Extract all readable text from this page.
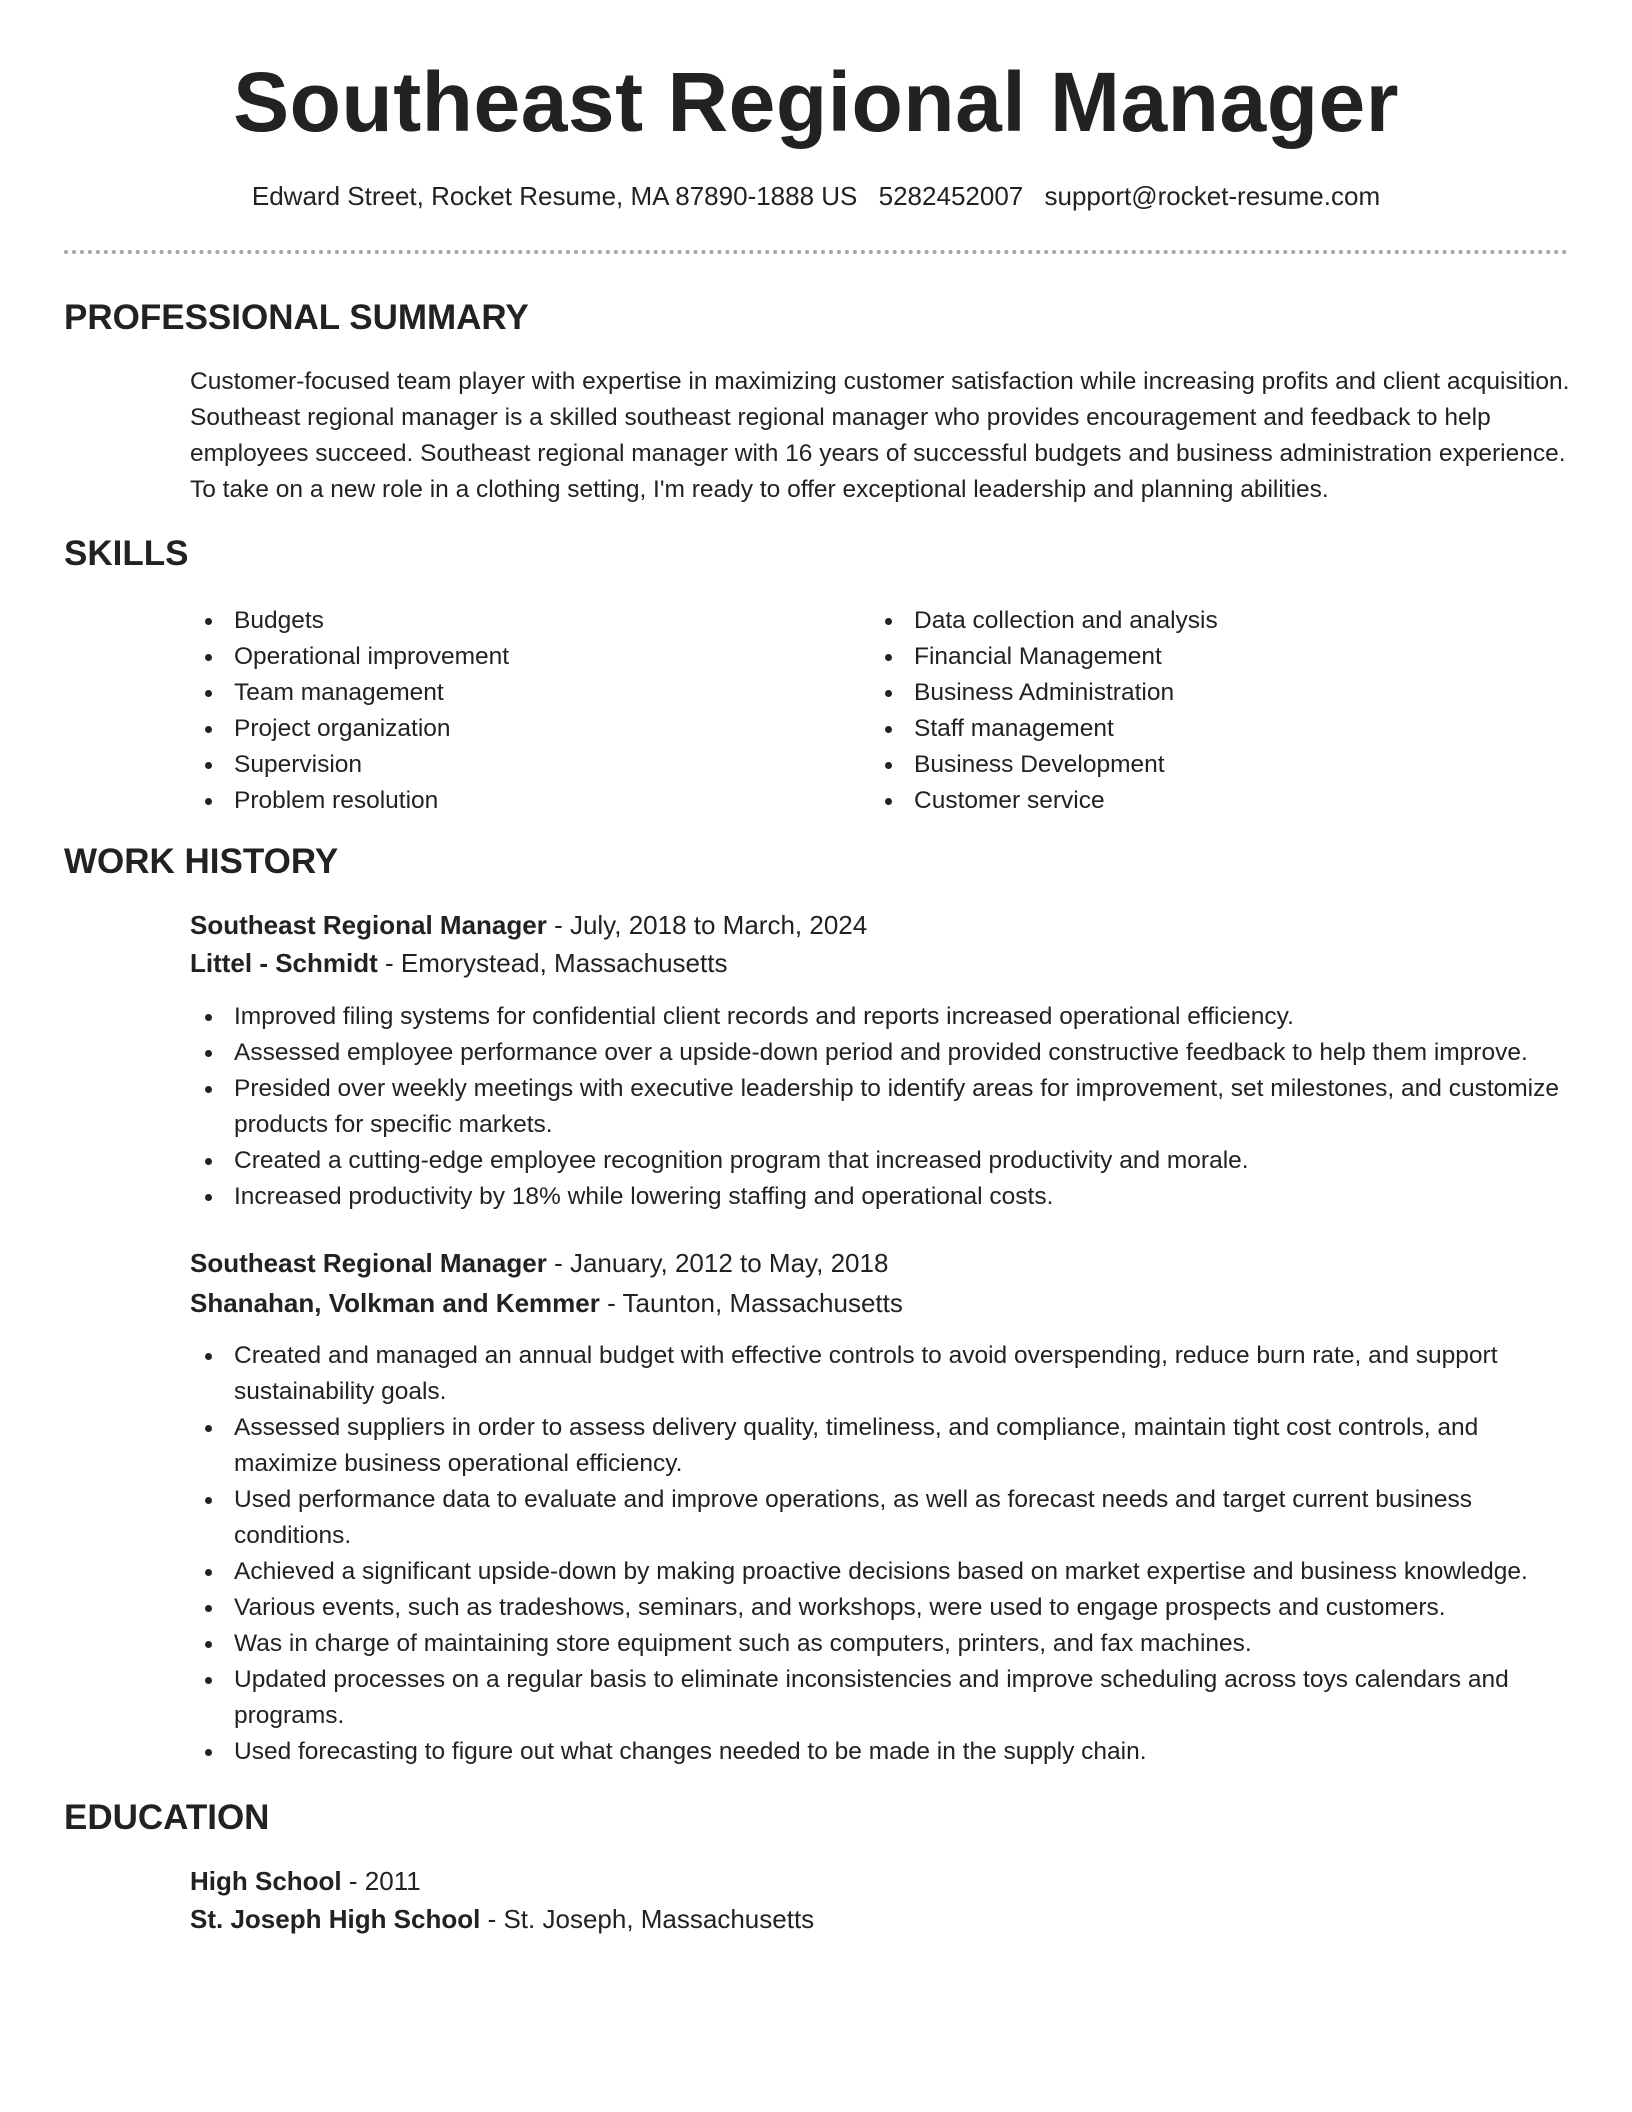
Southeast Regional Manager
Edward Street, Rocket Resume, MA 87890-1888 US 5282452007 support@rocket-resume.com
PROFESSIONAL SUMMARY

Customer-focused team player with expertise in maximizing customer satisfaction while increasing profits and client acquisition. Southeast regional manager is a skilled southeast regional manager who provides encouragement and feedback to help employees succeed. Southeast regional manager with 16 years of successful budgets and business administration experience. To take on a new role in a clothing setting, I'm ready to offer exceptional leadership and planning abilities.

SKILLS
Budgets
Operational improvement
Team management
Project organization
Supervision
Problem resolution
Data collection and analysis
Financial Management
Business Administration
Staff management
Business Development
Customer service
WORK HISTORY
Southeast Regional Manager - July, 2018 to March, 2024
Littel - Schmidt - Emorystead, Massachusetts
Improved filing systems for confidential client records and reports increased operational efficiency.
Assessed employee performance over a upside-down period and provided constructive feedback to help them improve.
Presided over weekly meetings with executive leadership to identify areas for improvement, set milestones, and customize products for specific markets.
Created a cutting-edge employee recognition program that increased productivity and morale.
Increased productivity by 18% while lowering staffing and operational costs.
Southeast Regional Manager - January, 2012 to May, 2018
Shanahan, Volkman and Kemmer - Taunton, Massachusetts
Created and managed an annual budget with effective controls to avoid overspending, reduce burn rate, and support sustainability goals.
Assessed suppliers in order to assess delivery quality, timeliness, and compliance, maintain tight cost controls, and maximize business operational efficiency.
Used performance data to evaluate and improve operations, as well as forecast needs and target current business conditions.
Achieved a significant upside-down by making proactive decisions based on market expertise and business knowledge.
Various events, such as tradeshows, seminars, and workshops, were used to engage prospects and customers.
Was in charge of maintaining store equipment such as computers, printers, and fax machines.
Updated processes on a regular basis to eliminate inconsistencies and improve scheduling across toys calendars and programs.
Used forecasting to figure out what changes needed to be made in the supply chain.
EDUCATION
High School - 2011
St. Joseph High School - St. Joseph, Massachusetts
